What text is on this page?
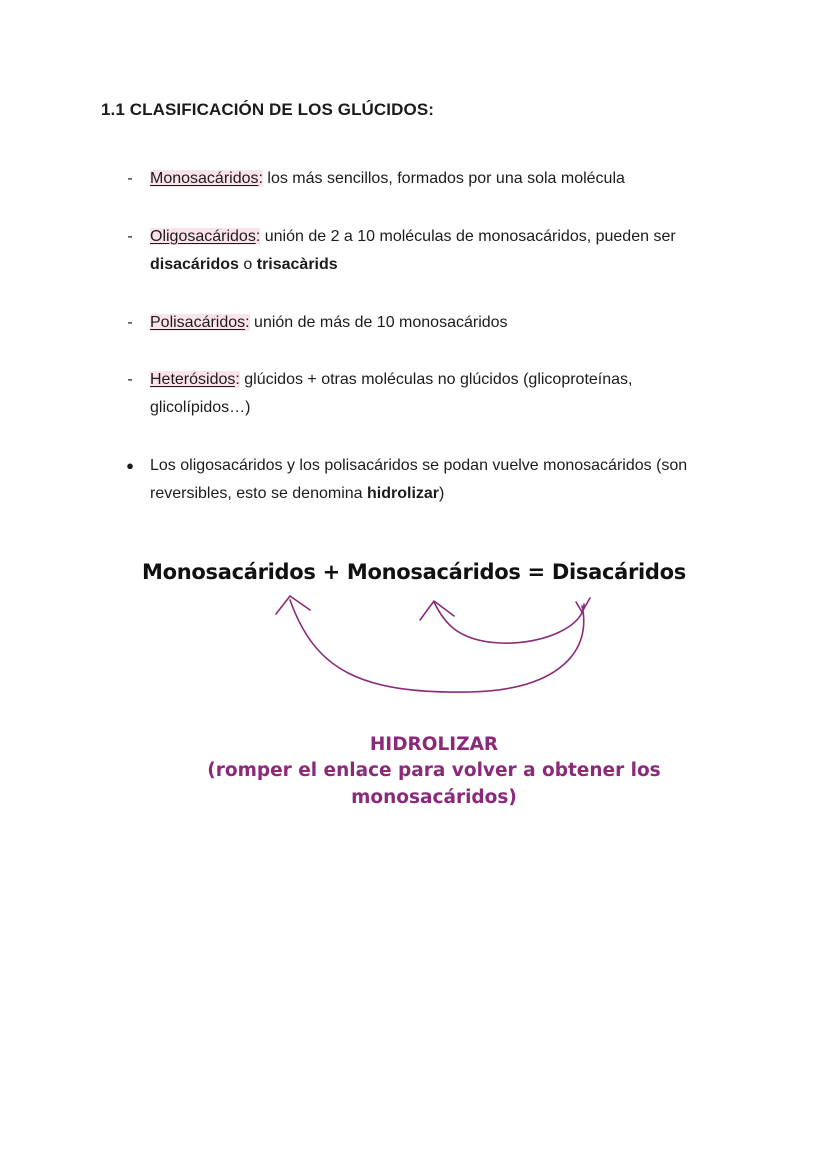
1.1 CLASIFICACIÓN DE LOS GLÚCIDOS:
-	Monosacáridos: los más sencillos, formados por una sola molécula
-	Oligosacáridos: unión de 2 a 10 moléculas de monosacáridos, pueden ser
disacáridos o trisacàrids
-	Polisacáridos: unión de más de 10 monosacáridos
-	Heterósidos: glúcidos + otras moléculas no glúcidos (glicoproteínas,
glicolípidos…)
● Los oligosacáridos y los polisacáridos se podan vuelve monosacáridos (son
reversibles, esto se denomina hidrolizar)
Monosacáridos + Monosacáridos = Disacáridos
HIDROLIZAR
(romper el enlace para volver a obtener los
monosacáridos)
